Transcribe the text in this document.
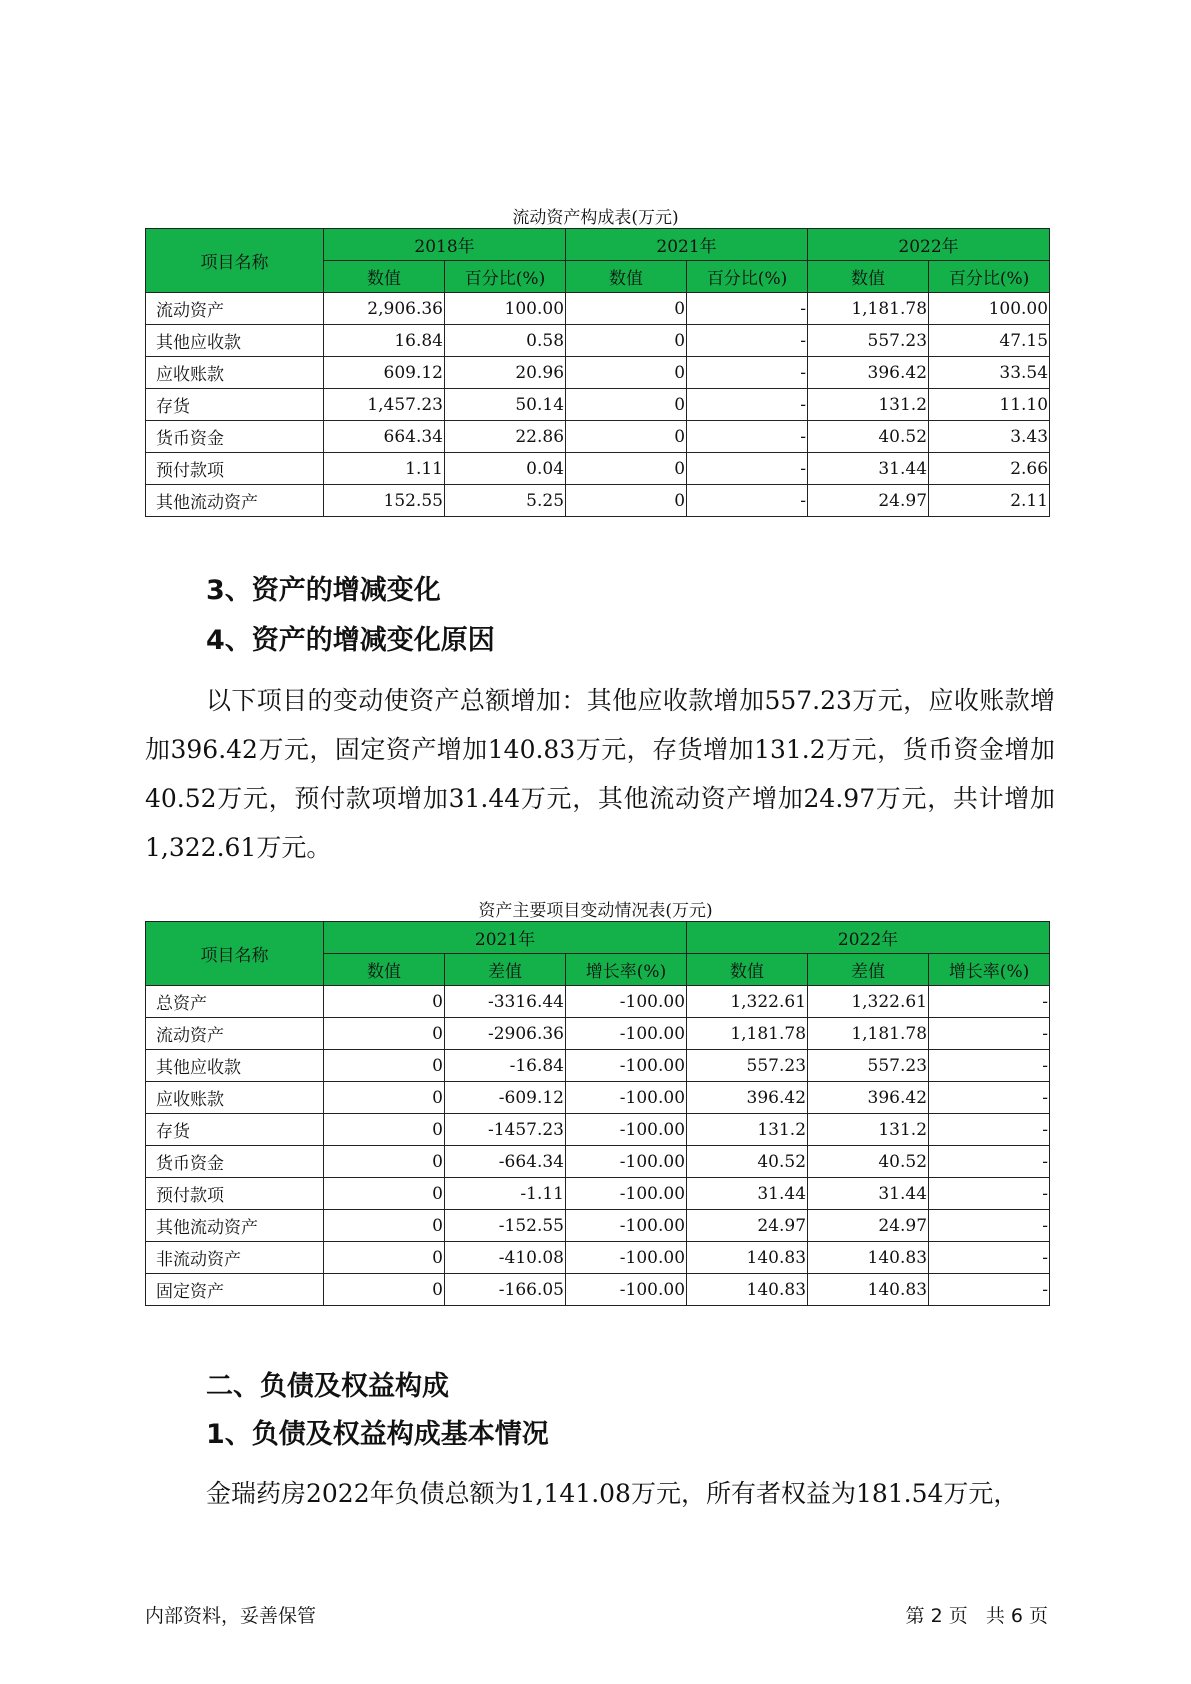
流动资产构成表(万元)
项目名称	2018年		2021年		2022年	
	数值	百分比(%)	数值	百分比(%)	数值	百分比(%)
流动资产	2,906.36	100.00	0	-	1,181.78	100.00
其他应收款	16.84	0.58	0	-	557.23	47.15
应收账款	609.12	20.96	0	-	396.42	33.54
存货	1,457.23	50.14	0	-	131.2	11.10
货币资金	664.34	22.86	0	-	40.52	3.43
预付款项	1.11	0.04	0	-	31.44	2.66
其他流动资产	152.55	5.25	0	-	24.97	2.11
3、资产的增减变化
4、资产的增减变化原因
以下项目的变动使资产总额增加：其他应收款增加557.23万元，应收账款增加396.42万元，固定资产增加140.83万元，存货增加131.2万元，货币资金增加40.52万元，预付款项增加31.44万元，其他流动资产增加24.97万元，共计增加1,322.61万元。
资产主要项目变动情况表(万元)
项目名称	2021年			2022年		
	数值	差值	增长率(%)	数值	差值	增长率(%)
总资产	0	-3316.44	-100.00	1,322.61	1,322.61	-
流动资产	0	-2906.36	-100.00	1,181.78	1,181.78	-
其他应收款	0	-16.84	-100.00	557.23	557.23	-
应收账款	0	-609.12	-100.00	396.42	396.42	-
存货	0	-1457.23	-100.00	131.2	131.2	-
货币资金	0	-664.34	-100.00	40.52	40.52	-
预付款项	0	-1.11	-100.00	31.44	31.44	-
其他流动资产	0	-152.55	-100.00	24.97	24.97	-
非流动资产	0	-410.08	-100.00	140.83	140.83	-
固定资产	0	-166.05	-100.00	140.83	140.83	-
二、负债及权益构成
1、负债及权益构成基本情况
金瑞药房2022年负债总额为1,141.08万元，所有者权益为181.54万元，
内部资料，妥善保管	第 2 页   共 6 页
